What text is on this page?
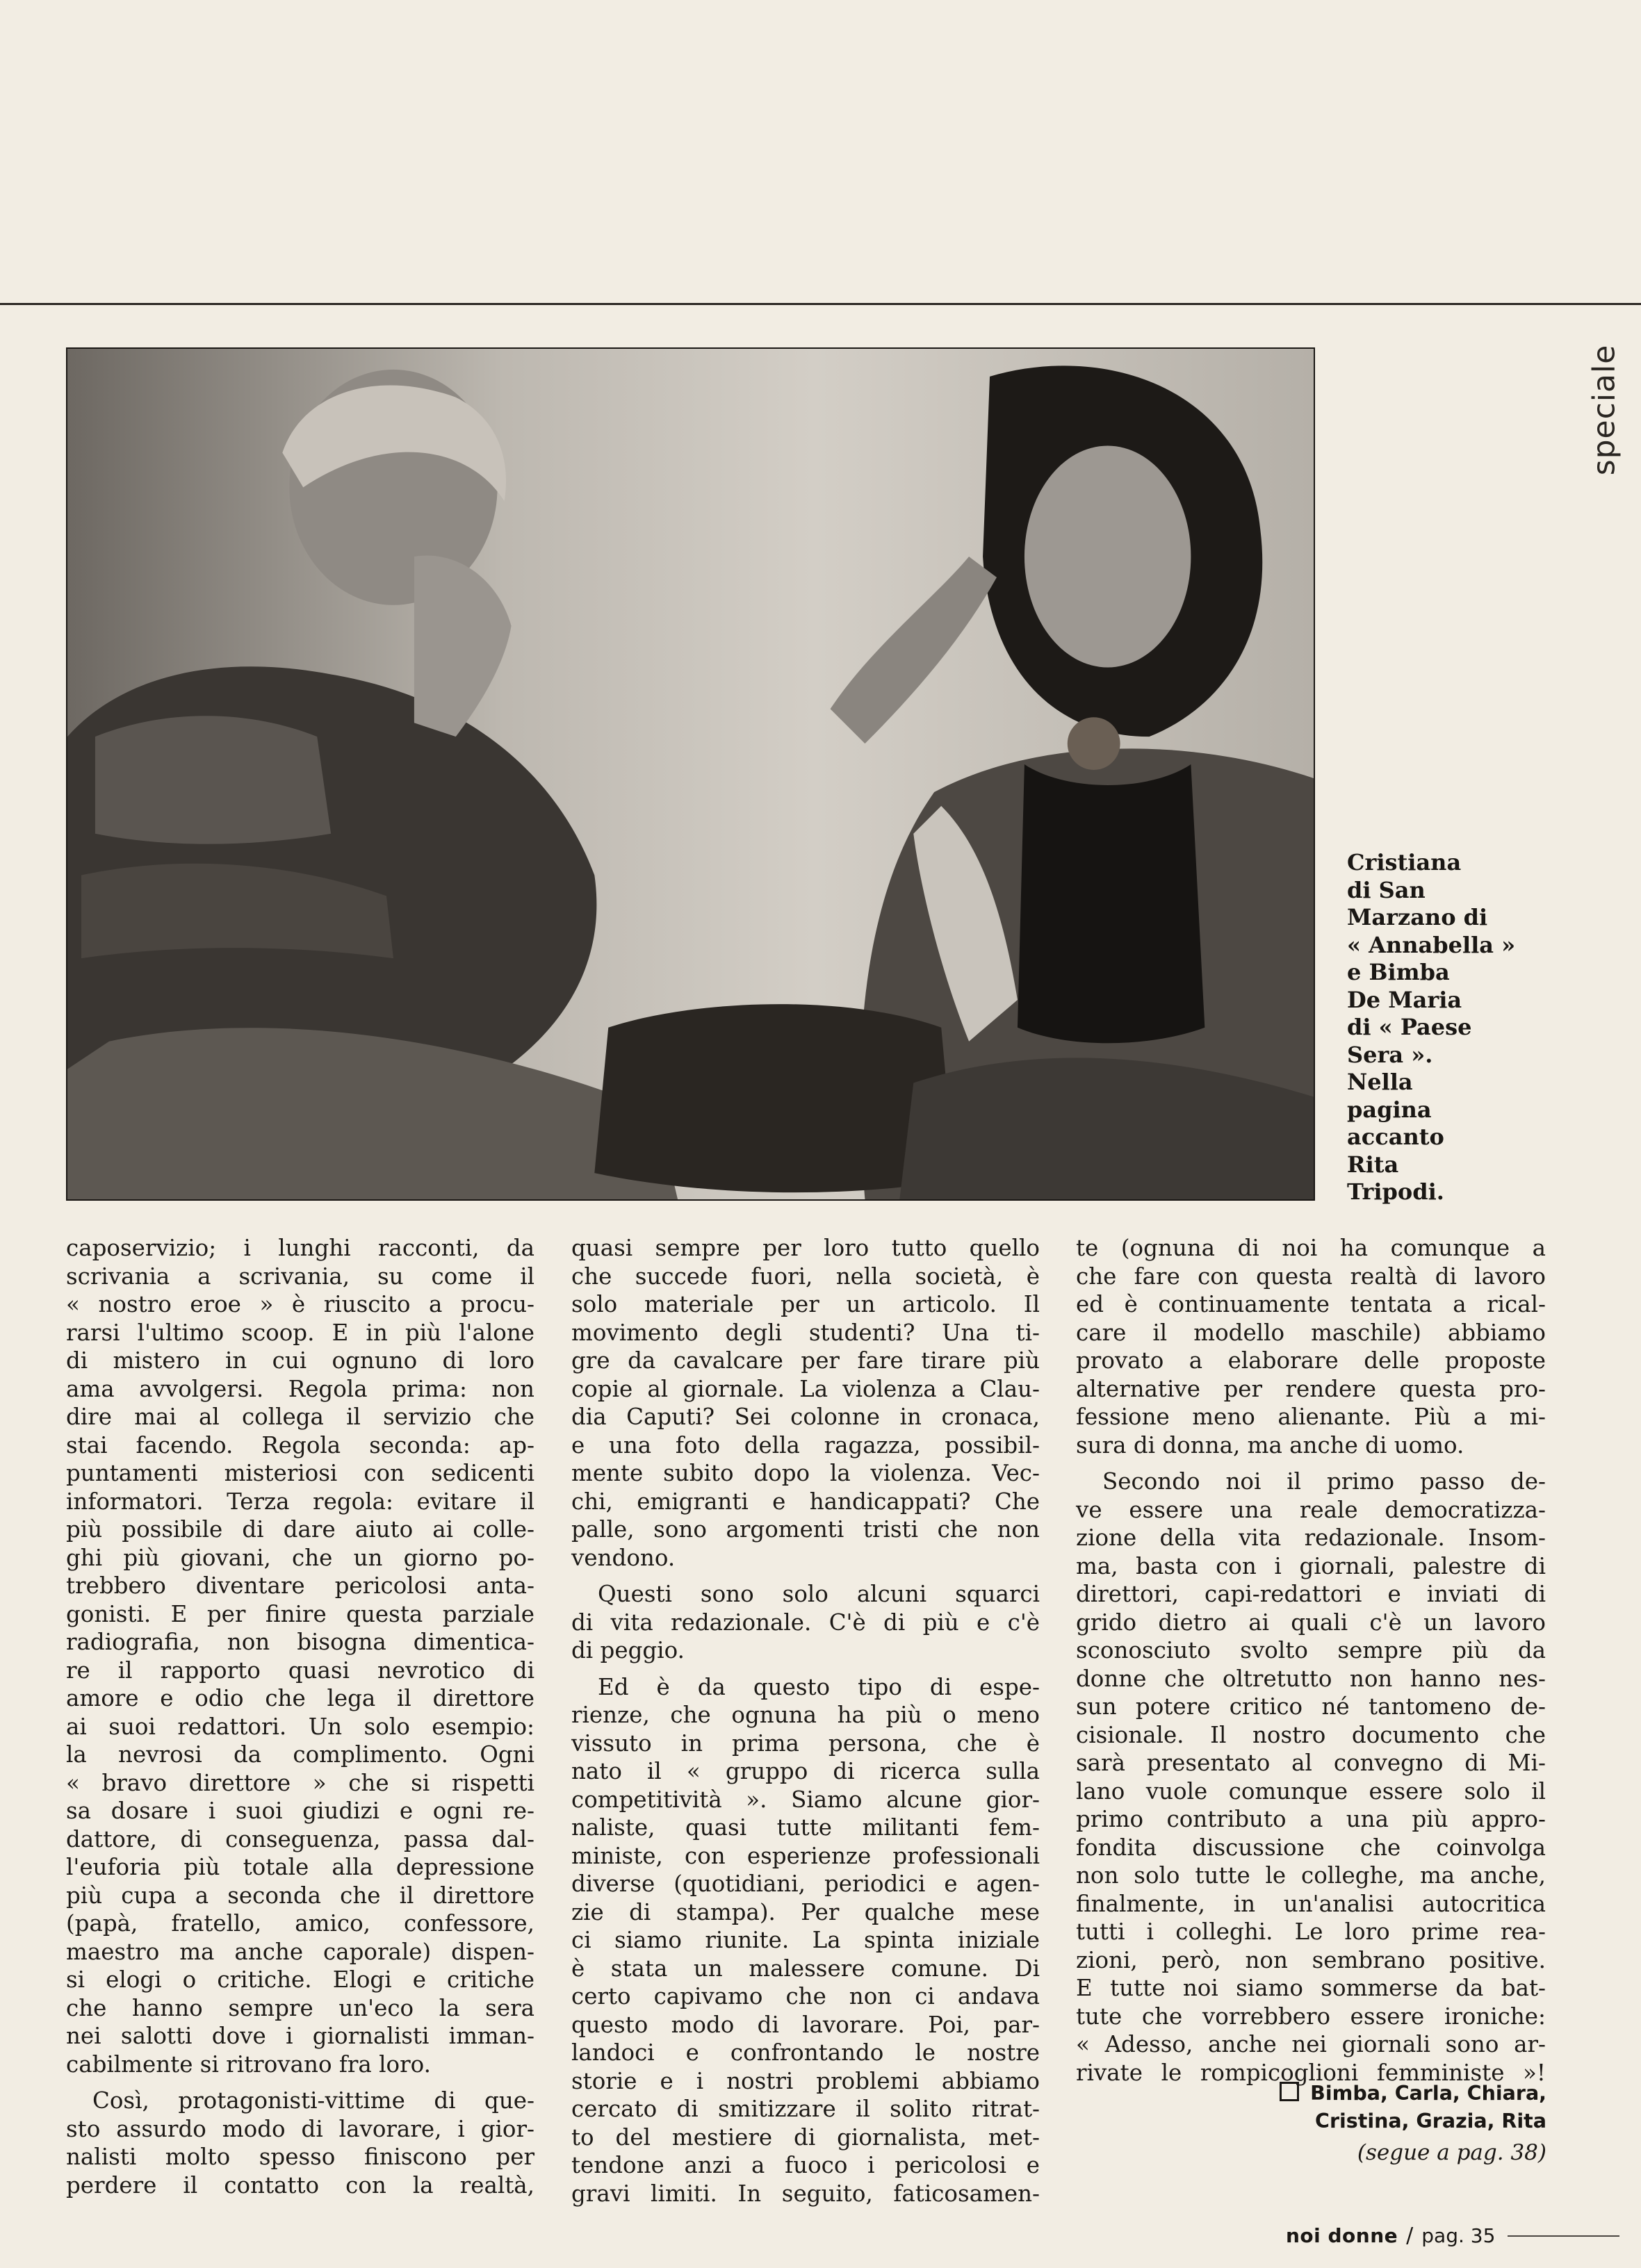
speciale
Cristiana
di San
Marzano di
« Annabella »
e Bimba
De Maria
di « Paese
Sera ».
Nella
pagina
accanto
Rita
Tripodi.
caposervizio; i lunghi racconti, da
scrivania a scrivania, su come il
« nostro eroe » è riuscito a procu-
rarsi l'ultimo scoop. E in più l'alone
di mistero in cui ognuno di loro
ama avvolgersi. Regola prima: non
dire mai al collega il servizio che
stai facendo. Regola seconda: ap-
puntamenti misteriosi con sedicenti
informatori. Terza regola: evitare il
più possibile di dare aiuto ai colle-
ghi più giovani, che un giorno po-
trebbero diventare pericolosi anta-
gonisti. E per finire questa parziale
radiografia, non bisogna dimentica-
re il rapporto quasi nevrotico di
amore e odio che lega il direttore
ai suoi redattori. Un solo esempio:
la nevrosi da complimento. Ogni
« bravo direttore » che si rispetti
sa dosare i suoi giudizi e ogni re-
dattore, di conseguenza, passa dal-
l'euforia più totale alla depressione
più cupa a seconda che il direttore
(papà, fratello, amico, confessore,
maestro ma anche caporale) dispen-
si elogi o critiche. Elogi e critiche
che hanno sempre un'eco la sera
nei salotti dove i giornalisti imman-
cabilmente si ritrovano fra loro.
Così, protagonisti-vittime di que-
sto assurdo modo di lavorare, i gior-
nalisti molto spesso finiscono per
perdere il contatto con la realtà,
quasi sempre per loro tutto quello
che succede fuori, nella società, è
solo materiale per un articolo. Il
movimento degli studenti? Una ti-
gre da cavalcare per fare tirare più
copie al giornale. La violenza a Clau-
dia Caputi? Sei colonne in cronaca,
e una foto della ragazza, possibil-
mente subito dopo la violenza. Vec-
chi, emigranti e handicappati? Che
palle, sono argomenti tristi che non
vendono.
Questi sono solo alcuni squarci
di vita redazionale. C'è di più e c'è
di peggio.
Ed è da questo tipo di espe-
rienze, che ognuna ha più o meno
vissuto in prima persona, che è
nato il « gruppo di ricerca sulla
competitività ». Siamo alcune gior-
naliste, quasi tutte militanti fem-
ministe, con esperienze professionali
diverse (quotidiani, periodici e agen-
zie di stampa). Per qualche mese
ci siamo riunite. La spinta iniziale
è stata un malessere comune. Di
certo capivamo che non ci andava
questo modo di lavorare. Poi, par-
landoci e confrontando le nostre
storie e i nostri problemi abbiamo
cercato di smitizzare il solito ritrat-
to del mestiere di giornalista, met-
tendone anzi a fuoco i pericolosi e
gravi limiti. In seguito, faticosamen-
te (ognuna di noi ha comunque a
che fare con questa realtà di lavoro
ed è continuamente tentata a rical-
care il modello maschile) abbiamo
provato a elaborare delle proposte
alternative per rendere questa pro-
fessione meno alienante. Più a mi-
sura di donna, ma anche di uomo.
Secondo noi il primo passo de-
ve essere una reale democratizza-
zione della vita redazionale. Insom-
ma, basta con i giornali, palestre di
direttori, capi-redattori e inviati di
grido dietro ai quali c'è un lavoro
sconosciuto svolto sempre più da
donne che oltretutto non hanno nes-
sun potere critico né tantomeno de-
cisionale. Il nostro documento che
sarà presentato al convegno di Mi-
lano vuole comunque essere solo il
primo contributo a una più appro-
fondita discussione che coinvolga
non solo tutte le colleghe, ma anche,
finalmente, in un'analisi autocritica
tutti i colleghi. Le loro prime rea-
zioni, però, non sembrano positive.
E tutte noi siamo sommerse da bat-
tute che vorrebbero essere ironiche:
« Adesso, anche nei giornali sono ar-
rivate le rompicoglioni femministe »!
Bimba, Carla, Chiara,
Cristina, Grazia, Rita
(segue a pag. 38)
noi donne / pag. 35
